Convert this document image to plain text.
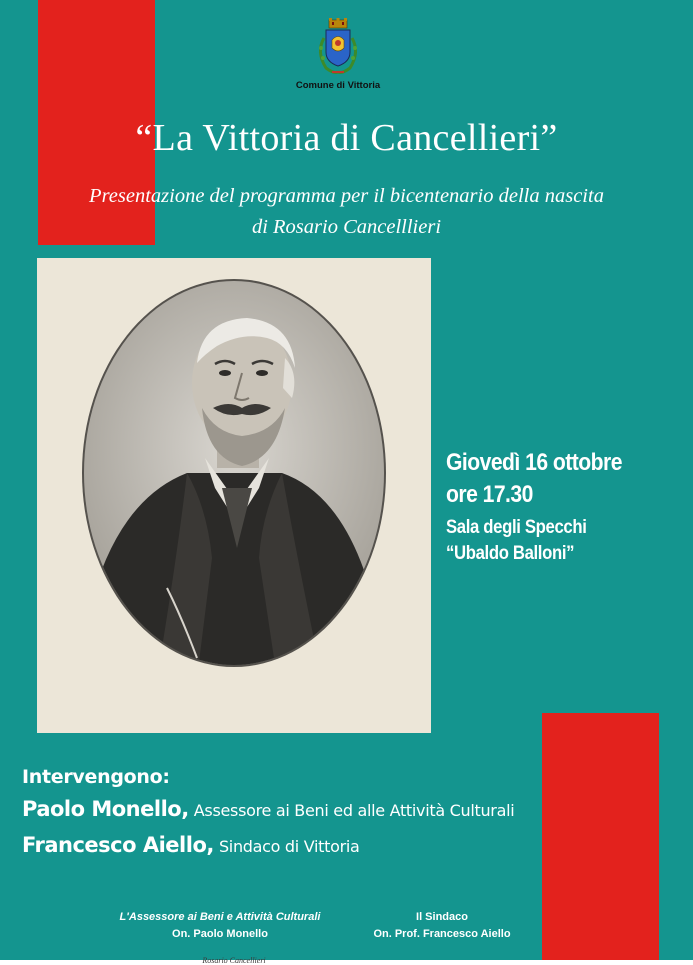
Comune di Vittoria
“La Vittoria di Cancellieri”
Presentazione del programma per il bicentenario della nascita
di Rosario Cancelllieri
Rosario Cancellieri
Giovedì 16 ottobre
ore 17.30
Sala degli Specchi
“Ubaldo Balloni”
Intervengono:
Paolo Monello, Assessore ai Beni ed alle Attività Culturali
Francesco Aiello, Sindaco di Vittoria
L'Assessore ai Beni e Attività Culturali
On. Paolo Monello
Il Sindaco
On. Prof. Francesco Aiello
